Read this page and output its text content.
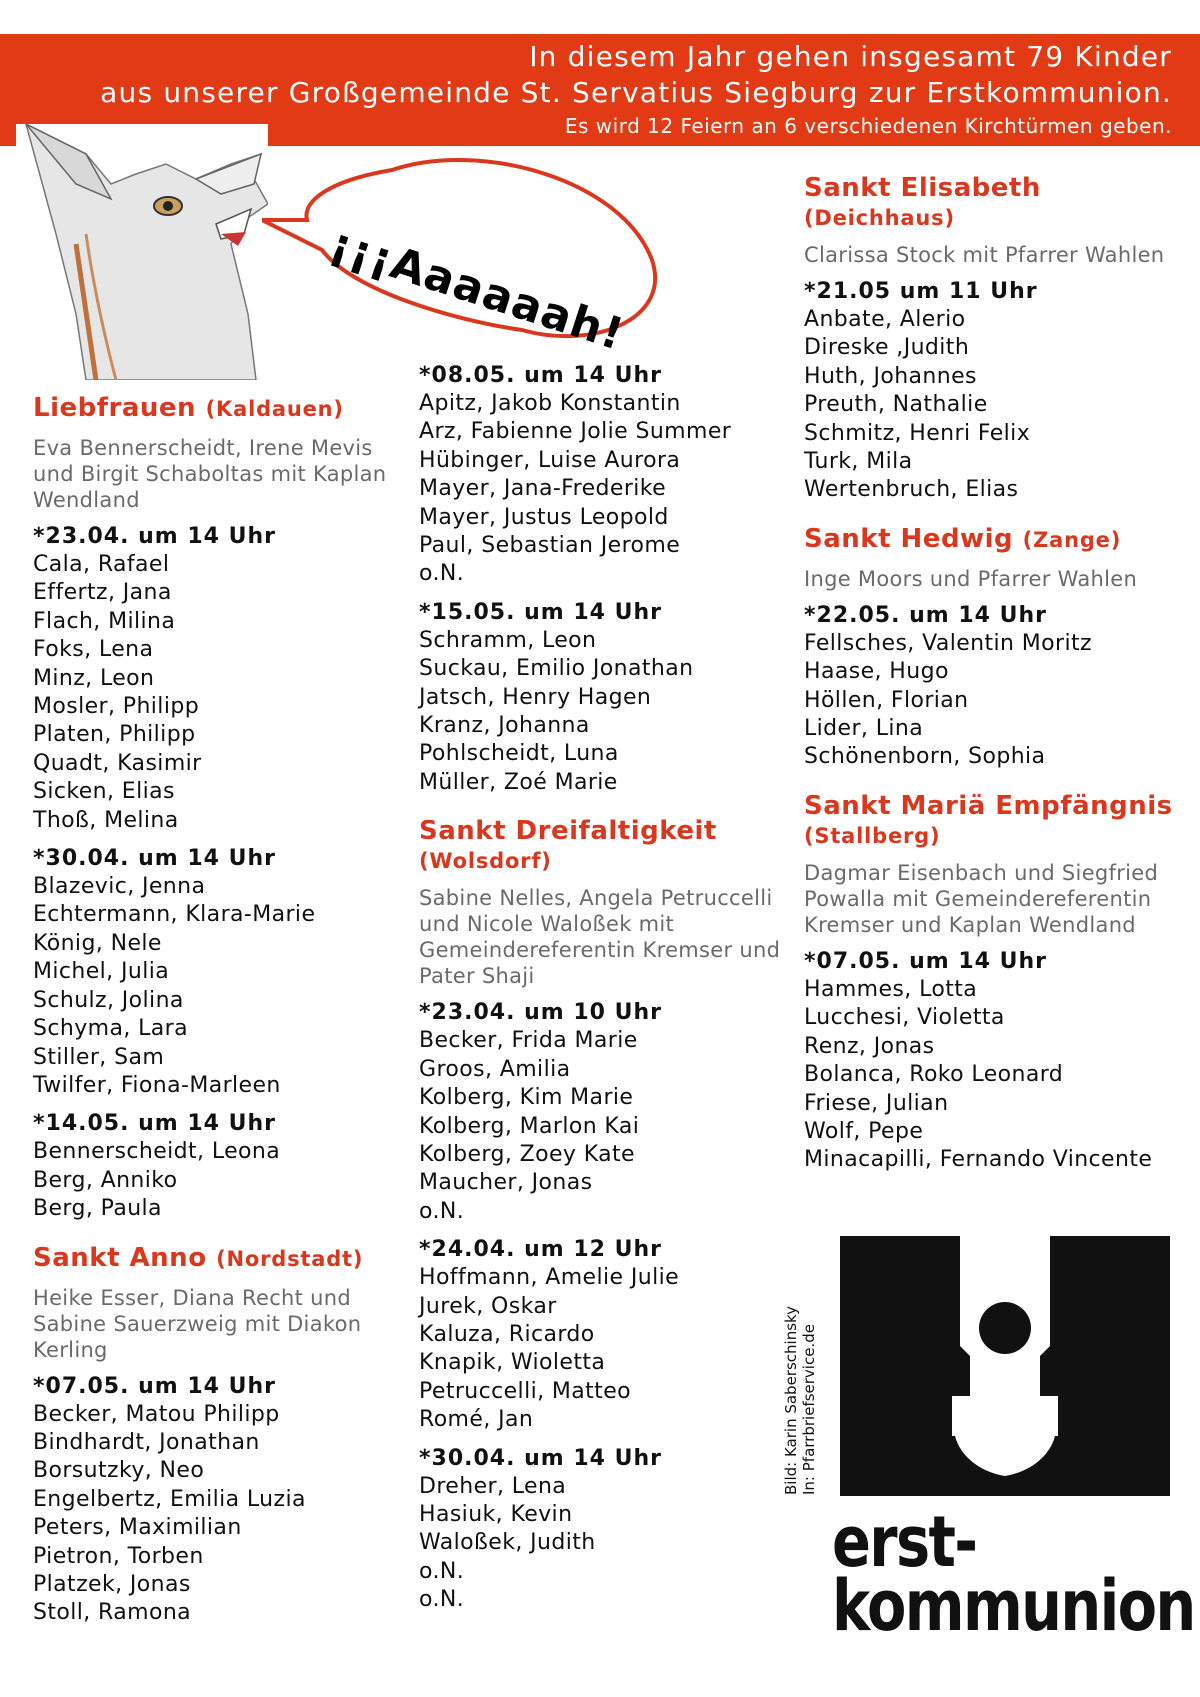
In diesem Jahr gehen insgesamt 79 Kinder
aus unserer Großgemeinde St. Servatius Siegburg zur Erstkommunion.
Es wird 12 Feiern an 6 verschiedenen Kirchtürmen geben.
¡¡¡Aaaaaah!
Liebfrauen (Kaldauen)
Eva Bennerscheidt, Irene Mevis und Birgit Schaboltas mit Kaplan Wendland
*23.04. um 14 Uhr
Cala, Rafael
Effertz, Jana
Flach, Milina
Foks, Lena
Minz, Leon
Mosler, Philipp
Platen, Philipp
Quadt, Kasimir
Sicken, Elias
Thoß, Melina
*30.04. um 14 Uhr
Blazevic, Jenna
Echtermann, Klara-Marie
König, Nele
Michel, Julia
Schulz, Jolina
Schyma, Lara
Stiller, Sam
Twilfer, Fiona-Marleen
*14.05. um 14 Uhr
Bennerscheidt, Leona
Berg, Anniko
Berg, Paula
Sankt Anno (Nordstadt)
Heike Esser, Diana Recht und Sabine Sauerzweig mit Diakon Kerling
*07.05. um 14 Uhr
Becker, Matou Philipp
Bindhardt, Jonathan
Borsutzky, Neo
Engelbertz, Emilia Luzia
Peters, Maximilian
Pietron, Torben
Platzek, Jonas
Stoll, Ramona
*08.05. um 14 Uhr
Apitz, Jakob Konstantin
Arz, Fabienne Jolie Summer
Hübinger, Luise Aurora
Mayer, Jana-Frederike
Mayer, Justus Leopold
Paul, Sebastian Jerome
o.N.
*15.05. um 14 Uhr
Schramm, Leon
Suckau, Emilio Jonathan
Jatsch, Henry Hagen
Kranz, Johanna
Pohlscheidt, Luna
Müller, Zoé Marie
Sankt Dreifaltigkeit
(Wolsdorf)
Sabine Nelles, Angela Petruccelli und Nicole Waloßek mit Gemeindereferentin Kremser und Pater Shaji
*23.04. um 10 Uhr
Becker, Frida Marie
Groos, Amilia
Kolberg, Kim Marie
Kolberg, Marlon Kai
Kolberg, Zoey Kate
Maucher, Jonas
o.N.
*24.04. um 12 Uhr
Hoffmann, Amelie Julie
Jurek, Oskar
Kaluza, Ricardo
Knapik, Wioletta
Petruccelli, Matteo
Romé, Jan
*30.04. um 14 Uhr
Dreher, Lena
Hasiuk, Kevin
Waloßek, Judith
o.N.
o.N.
Sankt Elisabeth
(Deichhaus)
Clarissa Stock mit Pfarrer Wahlen
*21.05 um 11 Uhr
Anbate, Alerio
Direske ,Judith
Huth, Johannes
Preuth, Nathalie
Schmitz, Henri Felix
Turk, Mila
Wertenbruch, Elias
Sankt Hedwig (Zange)
Inge Moors und Pfarrer Wahlen
*22.05. um 14 Uhr
Fellsches, Valentin Moritz
Haase, Hugo
Höllen, Florian
Lider, Lina
Schönenborn, Sophia
Sankt Mariä Empfängnis
(Stallberg)
Dagmar Eisenbach und Siegfried Powalla mit Gemeindereferentin Kremser und Kaplan Wendland
*07.05. um 14 Uhr
Hammes, Lotta
Lucchesi, Violetta
Renz, Jonas
Bolanca, Roko Leonard
Friese, Julian
Wolf, Pepe
Minacapilli, Fernando Vincente
Bild: Karin Saberschinsky In: Pfarrbriefservice.de
erst-
kommunion
